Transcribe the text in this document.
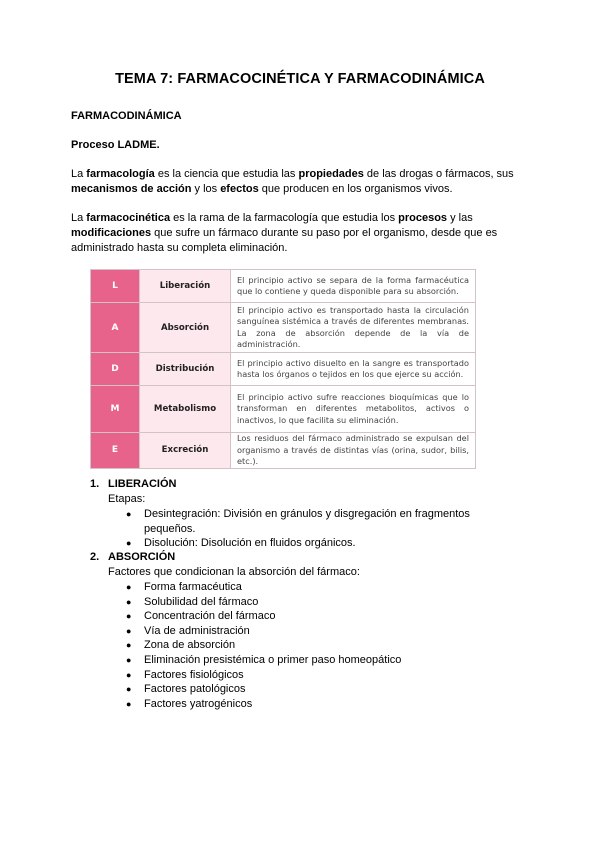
TEMA 7: FARMACOCINÉTICA Y FARMACODINÁMICA
FARMACODINÁMICA
Proceso LADME.
La farmacología es la ciencia que estudia las propiedades de las drogas o fármacos, sus mecanismos de acción y los efectos que producen en los organismos vivos.
La farmacocinética es la rama de la farmacología que estudia los procesos y las modificaciones que sufre un fármaco durante su paso por el organismo, desde que es administrado hasta su completa eliminación.
L	Liberación	El principio activo se separa de la forma farmacéutica que lo contiene y queda disponible para su absorción.
A	Absorción	El principio activo es transportado hasta la circulación sanguínea sistémica a través de diferentes membranas. La zona de absorción depende de la vía de administración.
D	Distribución	El principio activo disuelto en la sangre es transportado hasta los órganos o tejidos en los que ejerce su acción.
M	Metabolismo	El principio activo sufre reacciones bioquímicas que lo transforman en diferentes metabolitos, activos o inactivos, lo que facilita su eliminación.
E	Excreción	Los residuos del fármaco administrado se expulsan del organismo a través de distintas vías (orina, sudor, bilis, etc.).
1. LIBERACIÓN
Etapas:
● Desintegración: División en gránulos y disgregación en fragmentos pequeños.
● Disolución: Disolución en fluidos orgánicos.
2. ABSORCIÓN
Factores que condicionan la absorción del fármaco:
● Forma farmacéutica
● Solubilidad del fármaco
● Concentración del fármaco
● Vía de administración
● Zona de absorción
● Eliminación presistémica o primer paso homeopático
● Factores fisiológicos
● Factores patológicos
● Factores yatrogénicos
